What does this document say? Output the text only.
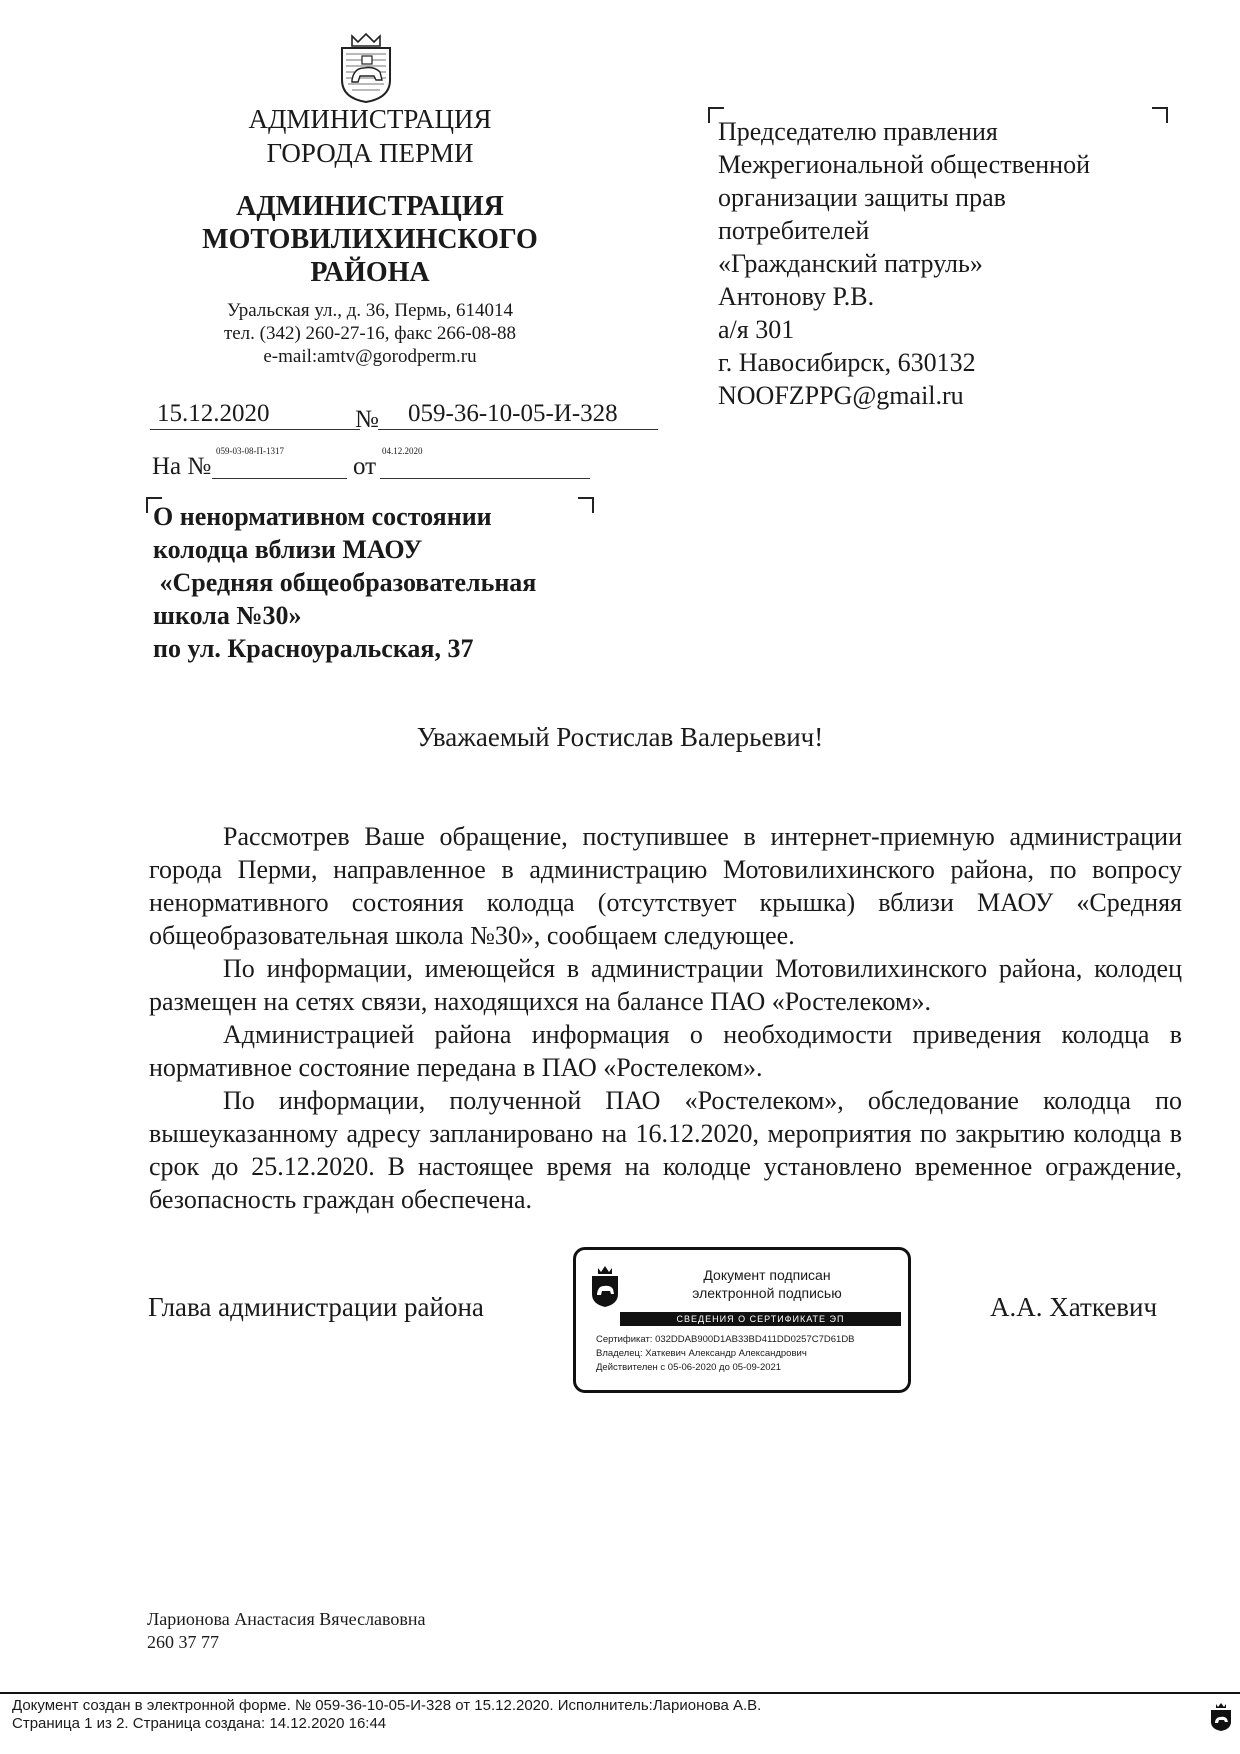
АДМИНИСТРАЦИЯ
ГОРОДА ПЕРМИ
АДМИНИСТРАЦИЯ
МОТОВИЛИХИНСКОГО
РАЙОНА
Уральская ул., д. 36, Пермь, 614014
тел. (342) 260-27-16, факс 266-08-88
e-mail:amtv@gorodperm.ru
15.12.2020	№	059-36-10-05-И-328
На №
059-03-08-П-1317
от
04.12.2020
Председателю правления
Межрегиональной общественной
организации защиты прав
потребителей
«Гражданский патруль»
Антонову Р.В.
а/я 301
г. Навосибирск, 630132
NOOFZPPG@gmail.ru
О ненормативном состоянии
колодца вблизи МАОУ
«Средняя общеобразовательная
школа №30»
по ул. Красноуральская, 37
Уважаемый Ростислав Валерьевич!

Рассмотрев Ваше обращение, поступившее в интернет-приемную администрации города Перми, направленное в администрацию Мотовилихинского района, по вопросу ненормативного состояния колодца (отсутствует крышка) вблизи МАОУ «Средняя общеобразовательная школа №30», сообщаем следующее.

По информации, имеющейся в администрации Мотовилихинского района, колодец размещен на сетях связи, находящихся на балансе ПАО «Ростелеком».

Администрацией района информация о необходимости приведения колодца в нормативное состояние передана в ПАО «Ростелеком».

По информации, полученной ПАО «Ростелеком», обследование колодца по вышеуказанному адресу запланировано на 16.12.2020, мероприятия по закрытию колодца в срок до 25.12.2020. В настоящее время на колодце установлено временное ограждение, безопасность граждан обеспечена.

Глава администрации района	А.А. Хаткевич
Документ подписан
электронной подписью
СВЕДЕНИЯ О СЕРТИФИКАТЕ ЭП
Сертификат: 032DDAB900D1AB33BD411DD0257C7D61DB
Владелец: Хаткевич Александр Александрович
Действителен с 05-06-2020 до 05-09-2021
Ларионова Анастасия Вячеславовна
260 37 77
Документ создан в электронной форме. № 059-36-10-05-И-328 от 15.12.2020. Исполнитель:Ларионова А.В.
Страница 1 из 2. Страница создана: 14.12.2020 16:44
